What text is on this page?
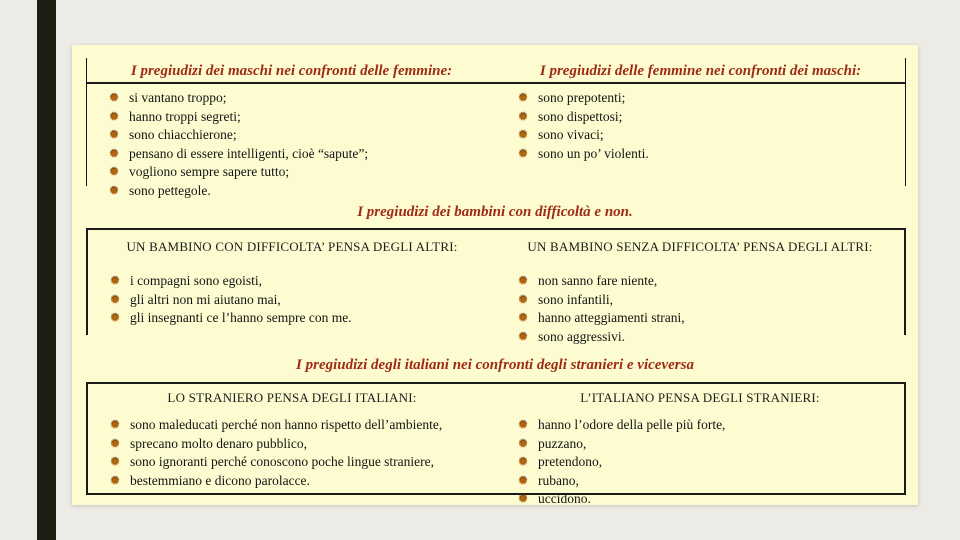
I pregiudizi dei maschi nei confronti delle femmine:	I pregiudizi delle femmine nei confronti dei maschi:
✹ si vantano troppo;
✹ hanno troppi segreti;
✹ sono chiacchierone;
✹ pensano di essere intelligenti, cioè “sapute”;
✹ vogliono sempre sapere tutto;
✹ sono pettegole.
✹ sono prepotenti;
✹ sono dispettosi;
✹ sono vivaci;
✹ sono un po’ violenti.
I pregiudizi dei bambini con difficoltà e non.
UN BAMBINO CON DIFFICOLTA’ PENSA DEGLI ALTRI:
✹ i compagni sono egoisti,
✹ gli altri non mi aiutano mai,
✹ gli insegnanti ce l’hanno sempre con me.
UN BAMBINO SENZA DIFFICOLTA’ PENSA DEGLI ALTRI:
✹ non sanno fare niente,
✹ sono infantili,
✹ hanno atteggiamenti strani,
✹ sono aggressivi.
I pregiudizi degli italiani nei confronti degli stranieri e viceversa
LO STRANIERO PENSA DEGLI ITALIANI:
✹ sono maleducati perché non hanno rispetto dell’ambiente,
✹ sprecano molto denaro pubblico,
✹ sono ignoranti perché conoscono poche lingue straniere,
✹ bestemmiano e dicono parolacce.
L’ITALIANO PENSA DEGLI STRANIERI:
✹ hanno l’odore della pelle più forte,
✹ puzzano,
✹ pretendono,
✹ rubano,
✹ uccidono.
